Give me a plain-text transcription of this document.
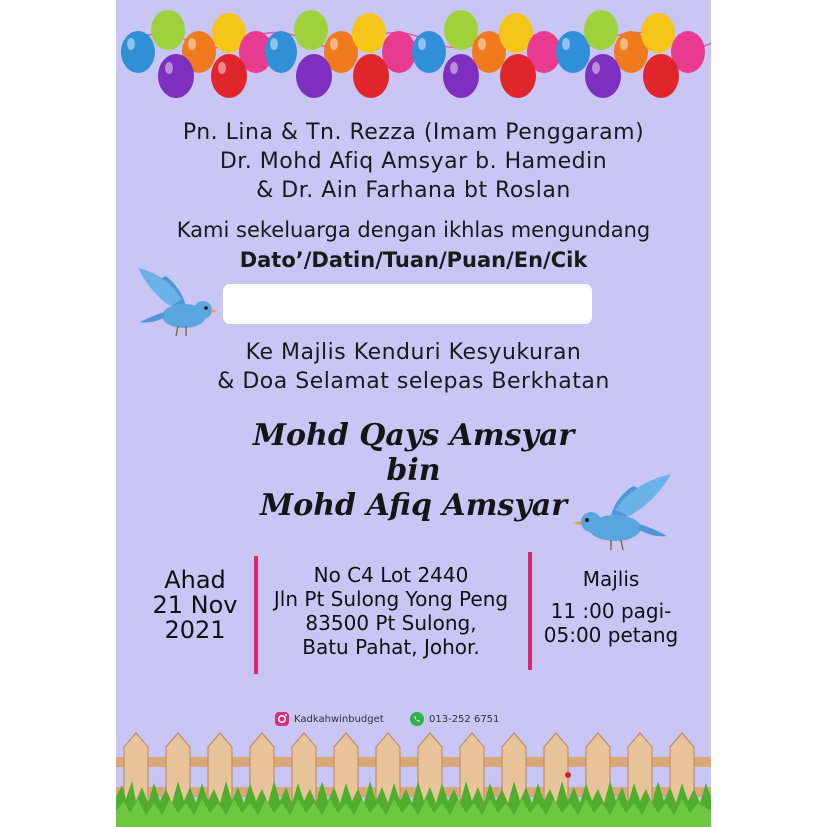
Pn. Lina & Tn. Rezza (Imam Penggaram)
Dr. Mohd Afiq Amsyar b. Hamedin
& Dr. Ain Farhana bt Roslan
Kami sekeluarga dengan ikhlas mengundang
Dato’/Datin/Tuan/Puan/En/Cik
Ke Majlis Kenduri Kesyukuran
& Doa Selamat selepas Berkhatan
Mohd Qays Amsyar
bin
Mohd Afiq Amsyar
Ahad
21 Nov
2021
No C4 Lot 2440
Jln Pt Sulong Yong Peng
83500 Pt Sulong,
Batu Pahat, Johor.
Majlis
11 :00 pagi-
05:00 petang
Kadkahwinbudget	013-252 6751
